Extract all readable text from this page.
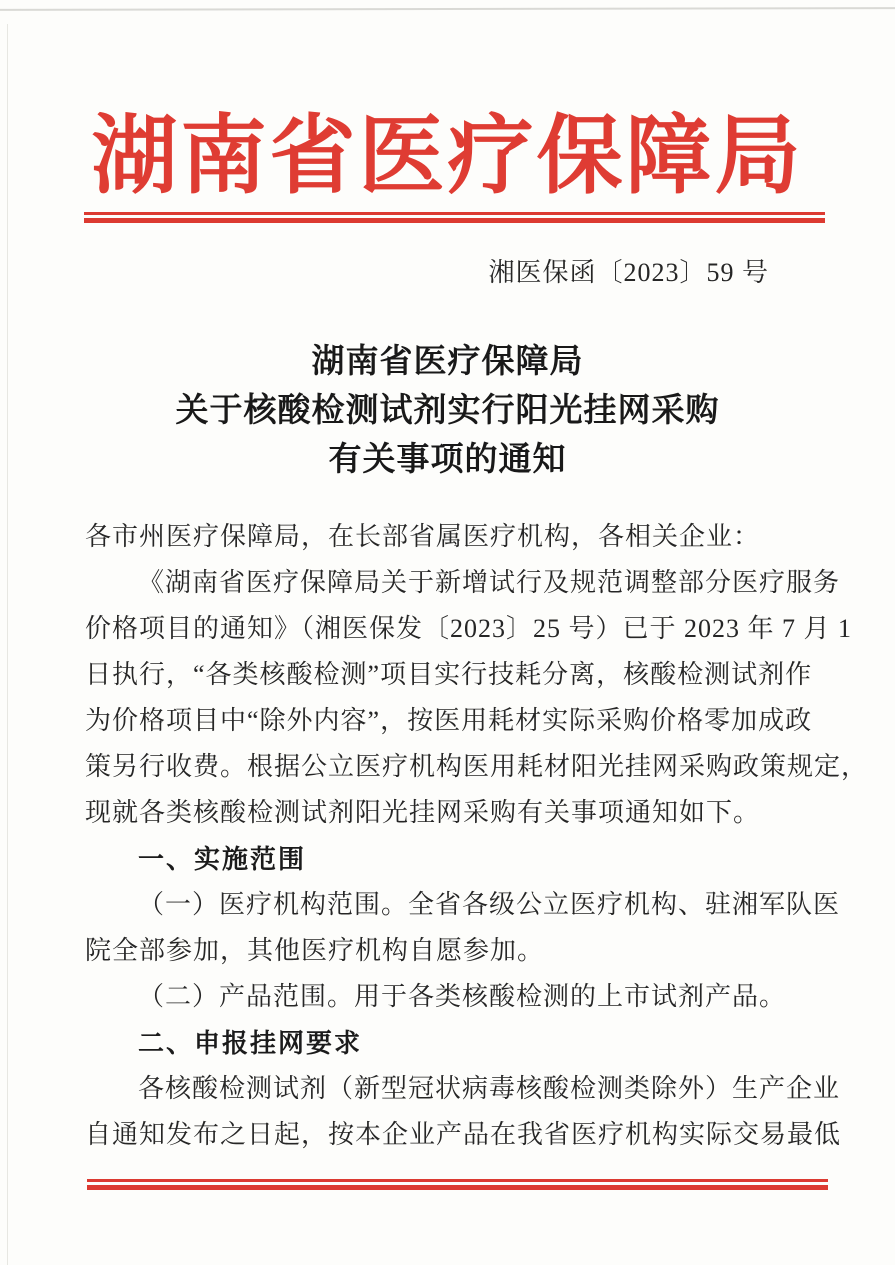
湖南省医疗保障局
湘医保函〔2023〕59 号
湖南省医疗保障局
关于核酸检测试剂实行阳光挂网采购
有关事项的通知
各市州医疗保障局，在长部省属医疗机构，各相关企业：
《湖南省医疗保障局关于新增试行及规范调整部分医疗服务
价格项目的通知》（湘医保发〔2023〕25 号）已于 2023 年 7 月 1
日执行，“各类核酸检测”项目实行技耗分离，核酸检测试剂作
为价格项目中“除外内容”，按医用耗材实际采购价格零加成政
策另行收费。根据公立医疗机构医用耗材阳光挂网采购政策规定，
现就各类核酸检测试剂阳光挂网采购有关事项通知如下。
一、实施范围
（一）医疗机构范围。全省各级公立医疗机构、驻湘军队医
院全部参加，其他医疗机构自愿参加。
（二）产品范围。用于各类核酸检测的上市试剂产品。
二、申报挂网要求
各核酸检测试剂（新型冠状病毒核酸检测类除外）生产企业
自通知发布之日起，按本企业产品在我省医疗机构实际交易最低
